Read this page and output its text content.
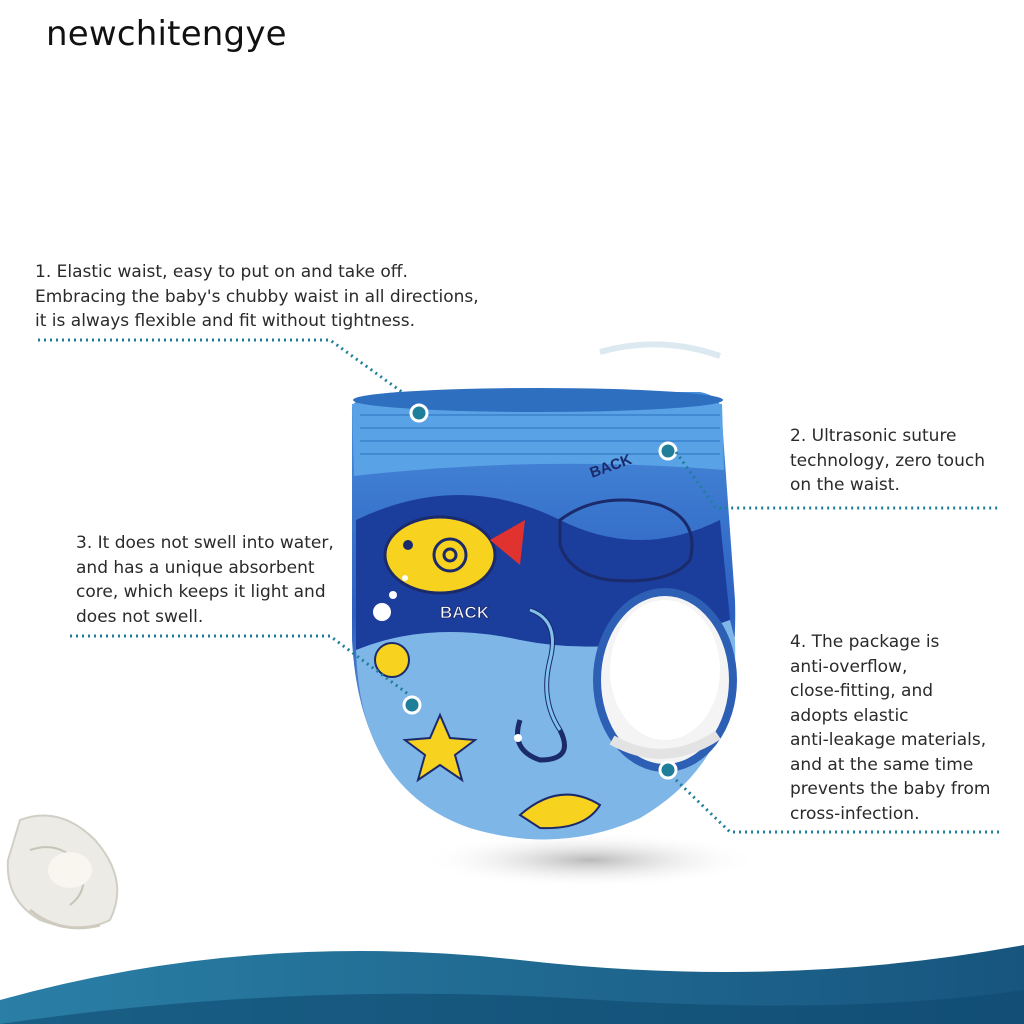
newchitengye
BACK
BACK
1. Elastic waist, easy to put on and take off.
Embracing the baby's chubby waist in all directions,
it is always flexible and fit without tightness.
2. Ultrasonic suture
technology, zero touch
on the waist.
3. It does not swell into water,
and has a unique absorbent
core, which keeps it light and
does not swell.
4. The package is
anti-overflow,
close-fitting, and
adopts elastic
anti-leakage materials,
and at the same time
prevents the baby from
cross-infection.
